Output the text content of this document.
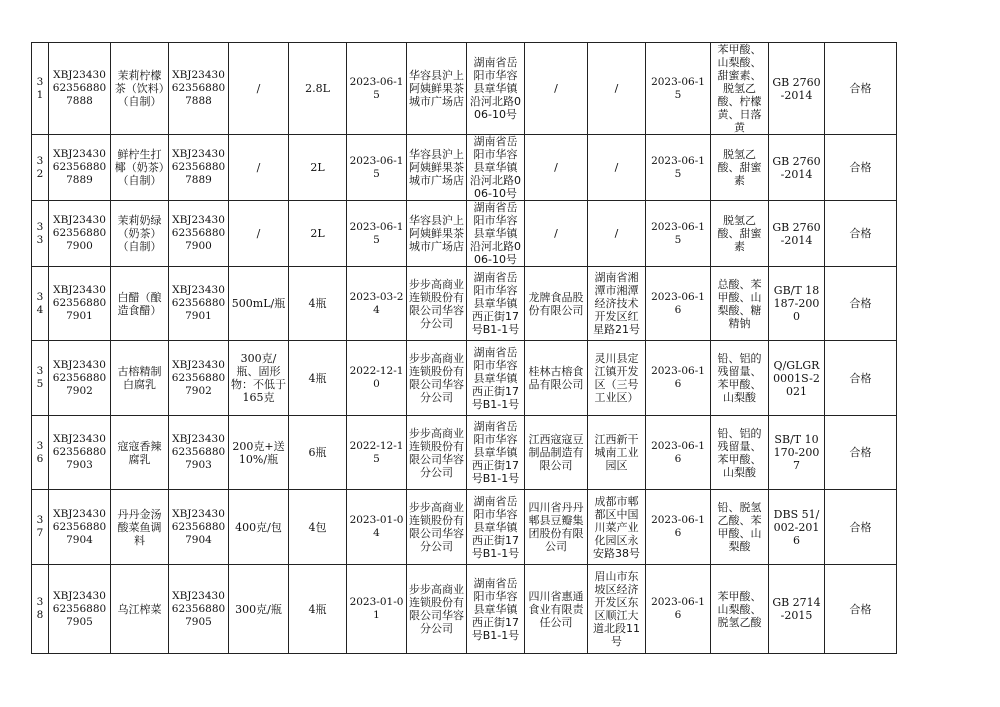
31	XBJ23430623568807888	茉莉柠檬茶（饮料）（自制）	XBJ23430623568807888	/	2.8L	2023-06-15	华容县沪上阿姨鲜果茶城市广场店	湖南省岳阳市华容县章华镇沿河北路006-10号	/	/	2023-06-15	苯甲酸、山梨酸、甜蜜素、脱氢乙酸、柠檬黄、日落黄	GB 2760-2014	合格
32	XBJ23430623568807889	鲜柠生打椰（奶茶）（自制）	XBJ23430623568807889	/	2L	2023-06-15	华容县沪上阿姨鲜果茶城市广场店	湖南省岳阳市华容县章华镇沿河北路006-10号	/	/	2023-06-15	脱氢乙酸、甜蜜素	GB 2760-2014	合格
33	XBJ23430623568807900	茉莉奶绿（奶茶）（自制）	XBJ23430623568807900	/	2L	2023-06-15	华容县沪上阿姨鲜果茶城市广场店	湖南省岳阳市华容县章华镇沿河北路006-10号	/	/	2023-06-15	脱氢乙酸、甜蜜素	GB 2760-2014	合格
34	XBJ23430623568807901	白醋（酿造食醋）	XBJ23430623568807901	500mL/瓶	4瓶	2023-03-24	步步高商业连锁股份有限公司华容分公司	湖南省岳阳市华容县章华镇西正街17号B1-1号	龙牌食品股份有限公司	湖南省湘潭市湘潭经济技术开发区红星路21号	2023-06-16	总酸、苯甲酸、山梨酸、糖精钠	GB/T 18187-2000	合格
35	XBJ23430623568807902	古榕精制白腐乳	XBJ23430623568807902	300克/瓶、固形物：不低于165克	4瓶	2022-12-10	步步高商业连锁股份有限公司华容分公司	湖南省岳阳市华容县章华镇西正街17号B1-1号	桂林古榕食品有限公司	灵川县定江镇开发区（三号工业区）	2023-06-16	铅、铝的残留量、苯甲酸、山梨酸	Q/GLGR 0001S-2021	合格
36	XBJ23430623568807903	寇寇香辣腐乳	XBJ23430623568807903	200克+送10%/瓶	6瓶	2022-12-15	步步高商业连锁股份有限公司华容分公司	湖南省岳阳市华容县章华镇西正街17号B1-1号	江西寇寇豆制品制造有限公司	江西新干城南工业园区	2023-06-16	铅、铝的残留量、苯甲酸、山梨酸	SB/T 10170-2007	合格
37	XBJ23430623568807904	丹丹金汤酸菜鱼调料	XBJ23430623568807904	400克/包	4包	2023-01-04	步步高商业连锁股份有限公司华容分公司	湖南省岳阳市华容县章华镇西正街17号B1-1号	四川省丹丹郫县豆瓣集团股份有限公司	成都市郫都区中国川菜产业化园区永安路38号	2023-06-16	铅、脱氢乙酸、苯甲酸、山梨酸	DBS 51/ 002-2016	合格
38	XBJ23430623568807905	乌江榨菜	XBJ23430623568807905	300克/瓶	4瓶	2023-01-01	步步高商业连锁股份有限公司华容分公司	湖南省岳阳市华容县章华镇西正街17号B1-1号	四川省惠通食业有限责任公司	眉山市东坡区经济开发区东区顺江大道北段11号	2023-06-16	苯甲酸、山梨酸、脱氢乙酸	GB 2714-2015	合格
